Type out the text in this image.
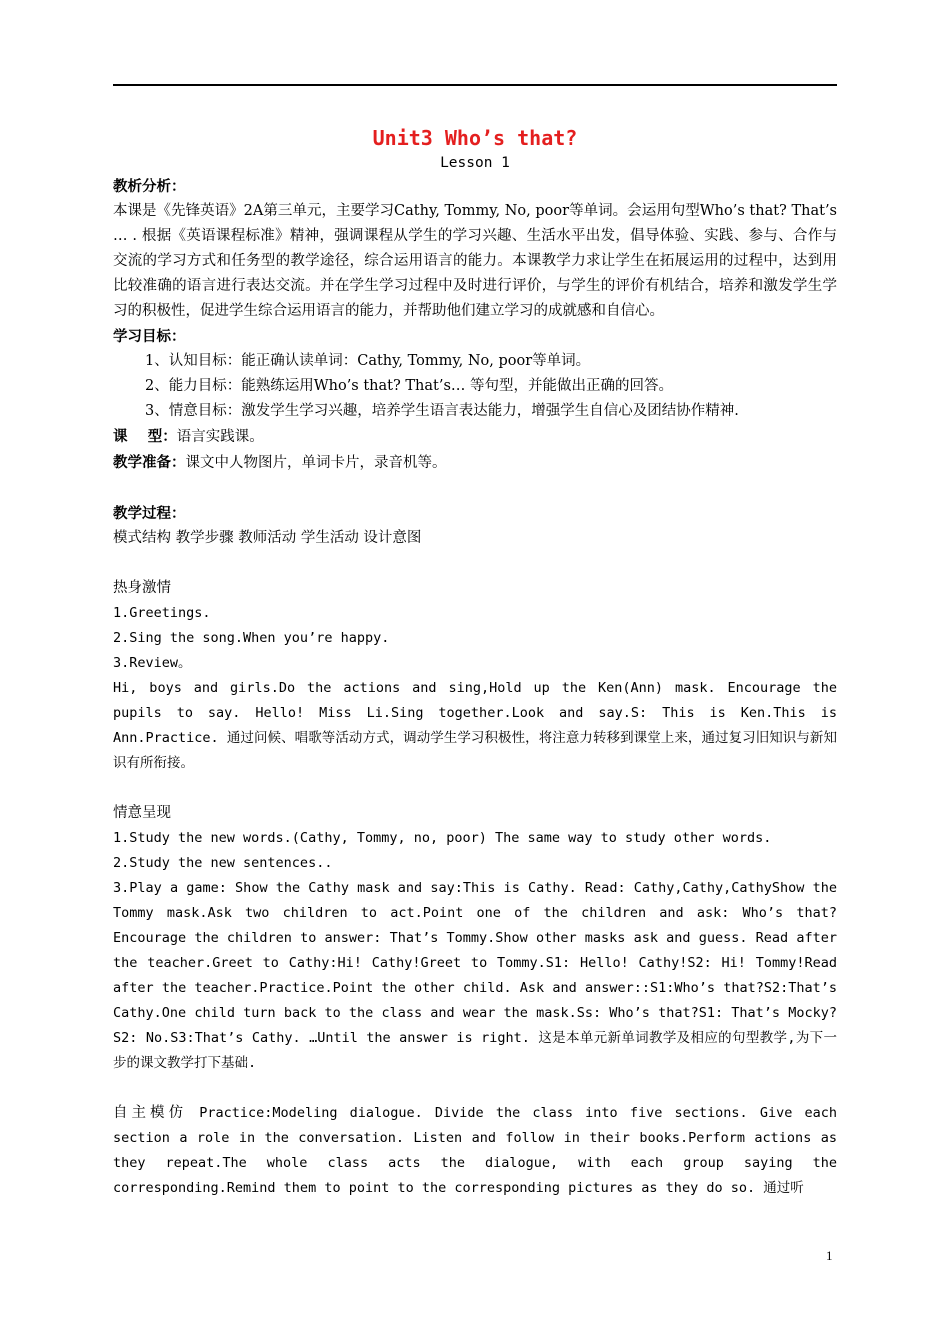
Unit3 Who’s that?
Lesson 1
教析分析：

本课是《先锋英语》2A第三单元，主要学习Cathy, Tommy, No, poor等单词。会运用句型Who’s that? That’s … . 根据《英语课程标准》精神，强调课程从学生的学习兴趣、生活水平出发，倡导体验、实践、参与、合作与交流的学习方式和任务型的教学途径，综合运用语言的能力。本课教学力求让学生在拓展运用的过程中，达到用比较准确的语言进行表达交流。并在学生学习过程中及时进行评价，与学生的评价有机结合，培养和激发学生学习的积极性，促进学生综合运用语言的能力，并帮助他们建立学习的成就感和自信心。

学习目标：
1、认知目标：能正确认读单词：Cathy, Tommy, No, poor等单词。
2、能力目标：能熟练运用Who’s that? That’s… 等句型，并能做出正确的回答。
3、情意目标：激发学生学习兴趣，培养学生语言表达能力，增强学生自信心及团结协作精神.
课    型：语言实践课。
教学准备：课文中人物图片，单词卡片，录音机等。
教学过程：
模式结构 教学步骤 教师活动 学生活动 设计意图
热身激情
1.Greetings.
2.Sing the song.When you’re happy.
3.Review。

Hi, boys and girls.Do the actions and sing,Hold up the Ken(Ann) mask. Encourage the pupils to say. Hello! Miss Li.Sing together.Look and say.S: This is Ken.This is Ann.Practice. 通过问候、唱歌等活动方式，调动学生学习积极性，将注意力转移到课堂上来，通过复习旧知识与新知识有所衔接。

情意呈现
1.Study the new words.(Cathy, Tommy, no, poor) The same way to study other words.
2.Study the new sentences..

3.Play a game: Show the Cathy mask and say:This is Cathy. Read: Cathy,Cathy,CathyShow the Tommy mask.Ask two children to act.Point one of the children and ask: Who’s that? Encourage the children to answer: That’s Tommy.Show other masks ask and guess. Read after the teacher.Greet to Cathy:Hi! Cathy!Greet to Tommy.S1: Hello! Cathy!S2: Hi! Tommy!Read after the teacher.Practice.Point the other child. Ask and answer::S1:Who’s that?S2:That’s Cathy.One child turn back to the class and wear the mask.Ss: Who’s that?S1: That’s Mocky?S2: No.S3:That’s Cathy. …Until the answer is right. 这是本单元新单词教学及相应的句型教学,为下一步的课文教学打下基础.

自主模仿 Practice:Modeling dialogue. Divide the class into five sections. Give each section a role in the conversation. Listen and follow in their books.Perform actions as they repeat.The whole class acts the dialogue, with each group saying the corresponding.Remind them to point to the corresponding pictures as they do so. 通过听

1
